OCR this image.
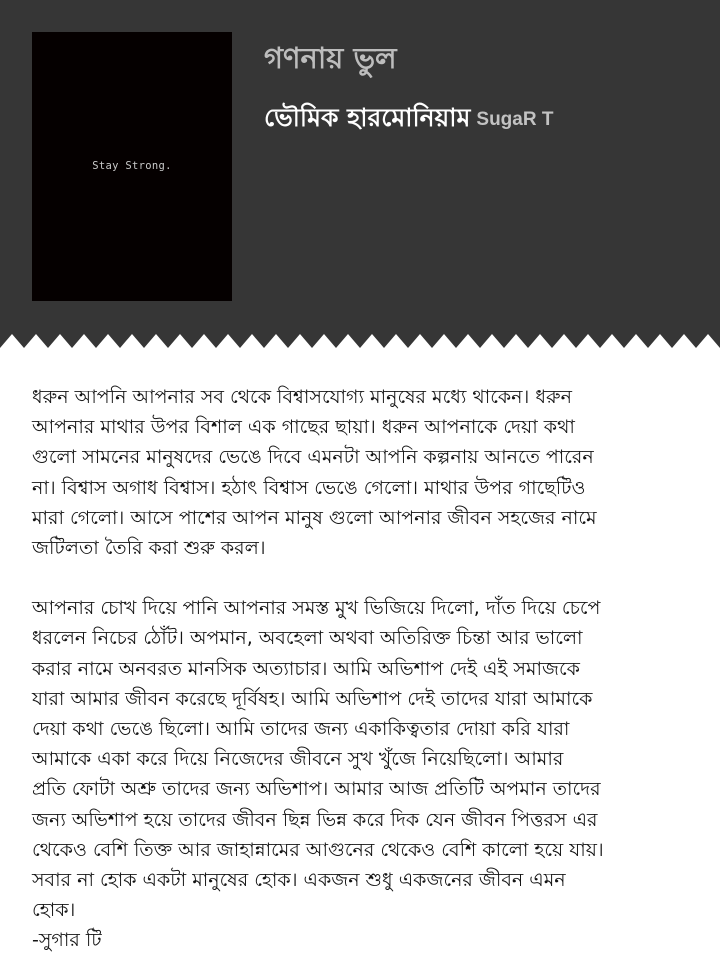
Stay Strong.
গণনায় ভুল
ভৌমিক হারমোনিয়াম SugaR T
ধরুন আপনি আপনার সব থেকে বিশ্বাসযোগ্য মানুষের মধ্যে থাকেন। ধরুন
আপনার মাথার উপর বিশাল এক গাছের ছায়া। ধরুন আপনাকে দেয়া কথা
গুলো সামনের মানুষদের ভেঙে দিবে এমনটা আপনি কল্পনায় আনতে পারেন
না। বিশ্বাস অগাধ বিশ্বাস। হঠাৎ বিশ্বাস ভেঙে গেলো। মাথার উপর গাছেটিও
মারা গেলো। আসে পাশের আপন মানুষ গুলো আপনার জীবন সহজের নামে
জটিলতা তৈরি করা শুরু করল।
আপনার চোখ দিয়ে পানি আপনার সমস্ত মুখ ভিজিয়ে দিলো, দাঁত দিয়ে চেপে
ধরলেন নিচের ঠোঁট। অপমান, অবহেলা অথবা অতিরিক্ত চিন্তা আর ভালো
করার নামে অনবরত মানসিক অত্যাচার। আমি অভিশাপ দেই এই সমাজকে
যারা আমার জীবন করেছে দূর্বিষহ। আমি অভিশাপ দেই তাদের যারা আমাকে
দেয়া কথা ভেঙে ছিলো। আমি তাদের জন্য একাকিত্বতার দোয়া করি যারা
আমাকে একা করে দিয়ে নিজেদের জীবনে সুখ খুঁজে নিয়েছিলো। আমার
প্রতি ফোটা অশ্রু তাদের জন্য অভিশাপ। আমার আজ প্রতিটি অপমান তাদের
জন্য অভিশাপ হয়ে তাদের জীবন ছিন্ন ভিন্ন করে দিক যেন জীবন পিত্তরস এর
থেকেও বেশি তিক্ত আর জাহান্নামের আগুনের থেকেও বেশি কালো হয়ে যায়।
সবার না হোক একটা মানুষের হোক। একজন শুধু একজনের জীবন এমন
হোক।
-সুগার টি
